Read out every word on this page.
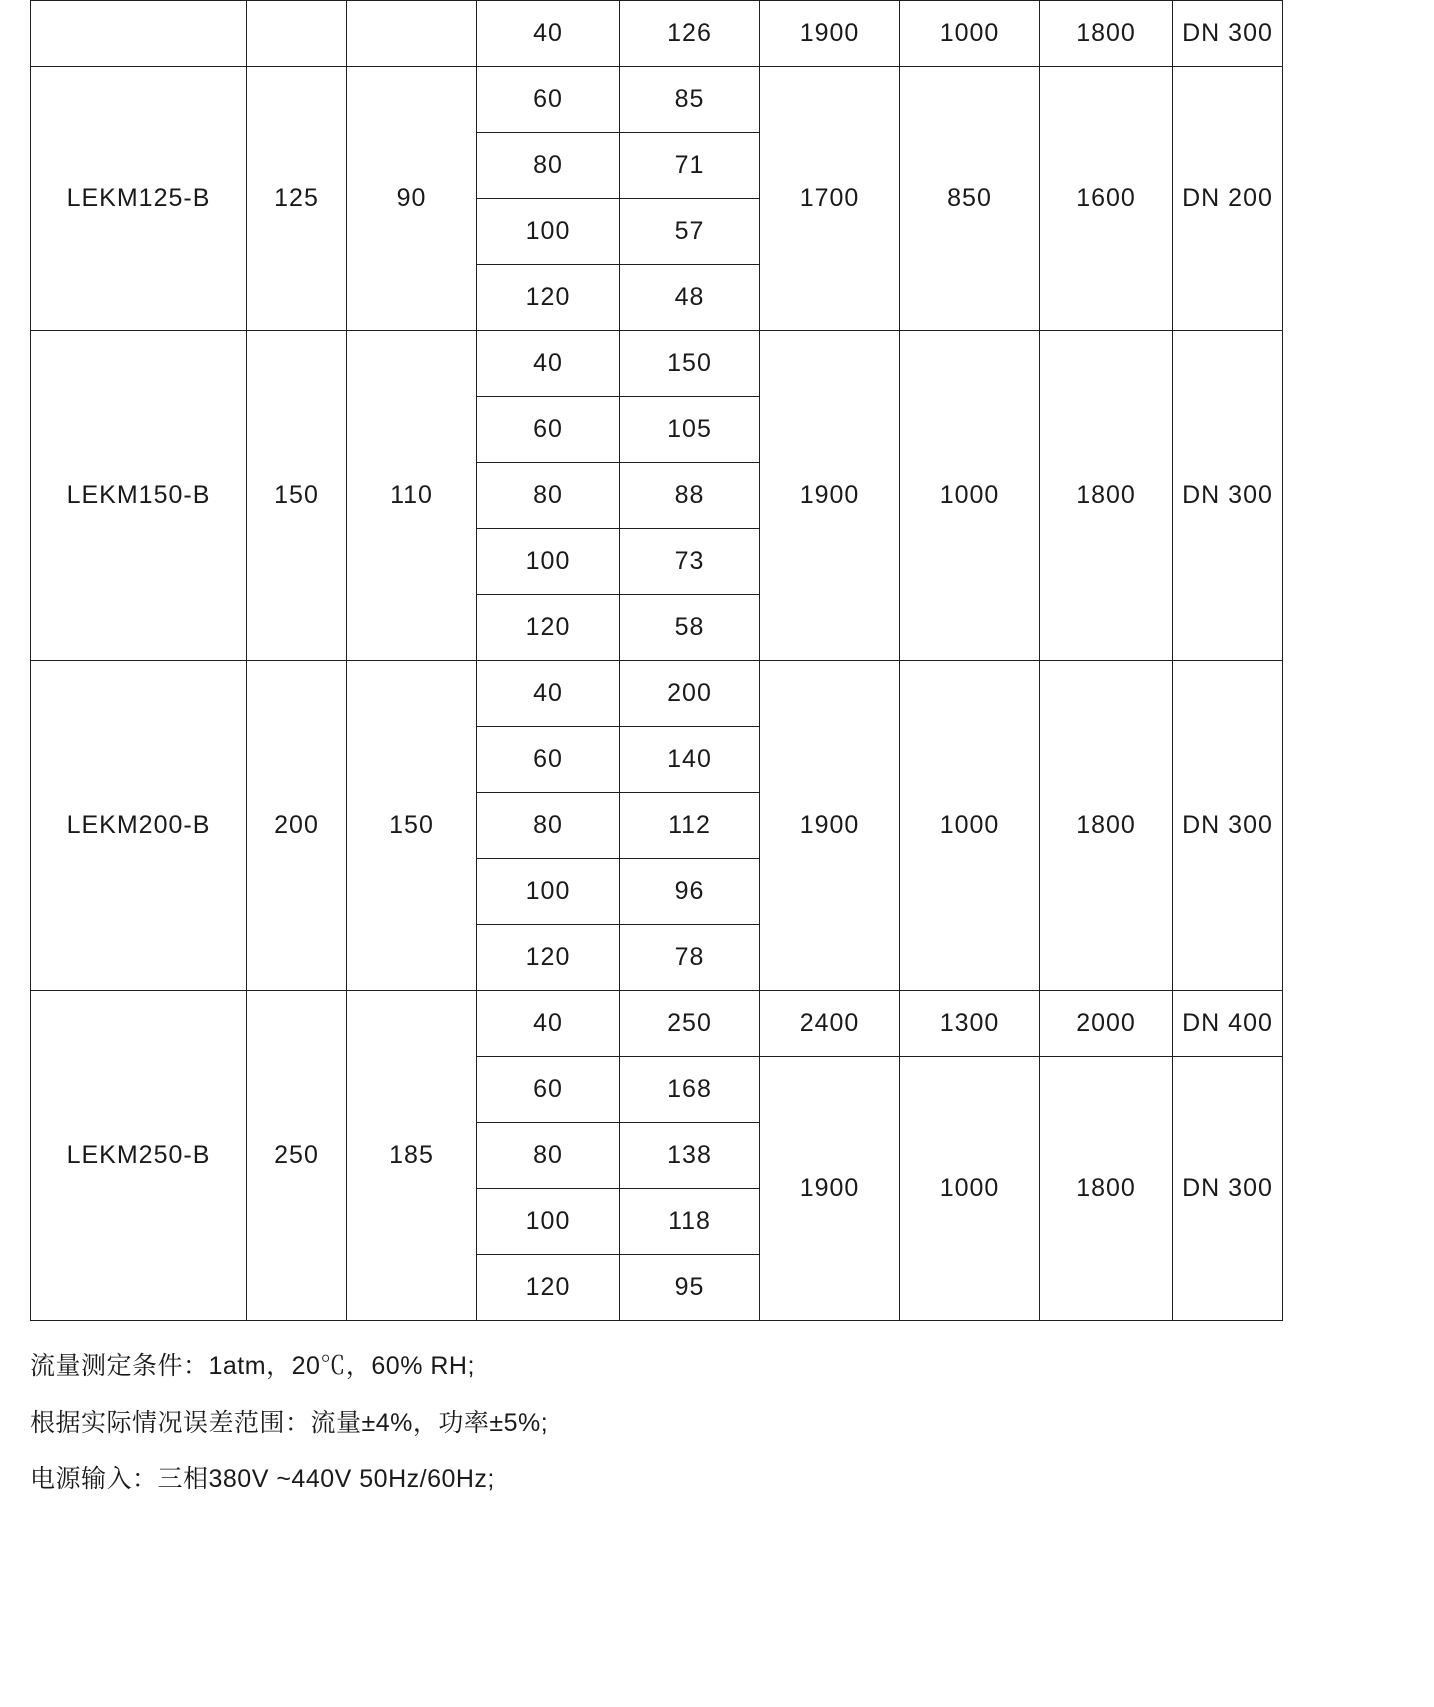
			40	126	1900	1000	1800	DN 300
LEKM125-B	125	90	60	85	1700	850	1600	DN 200
			80	71				
			100	57				
			120	48				
LEKM150-B	150	110	40	150	1900	1000	1800	DN 300
			60	105				
			80	88				
			100	73				
			120	58				
LEKM200-B	200	150	40	200	1900	1000	1800	DN 300
			60	140				
			80	112				
			100	96				
			120	78				
LEKM250-B	250	185	40	250	2400	1300	2000	DN 400
			60	168	1900	1000	1800	DN 300
			80	138				
			100	118				
			120	95				

流量测定条件：1atm，20℃，60% RH;

根据实际情况误差范围：流量±4%，功率±5%;

电源输入：三相380V ~440V 50Hz/60Hz;
